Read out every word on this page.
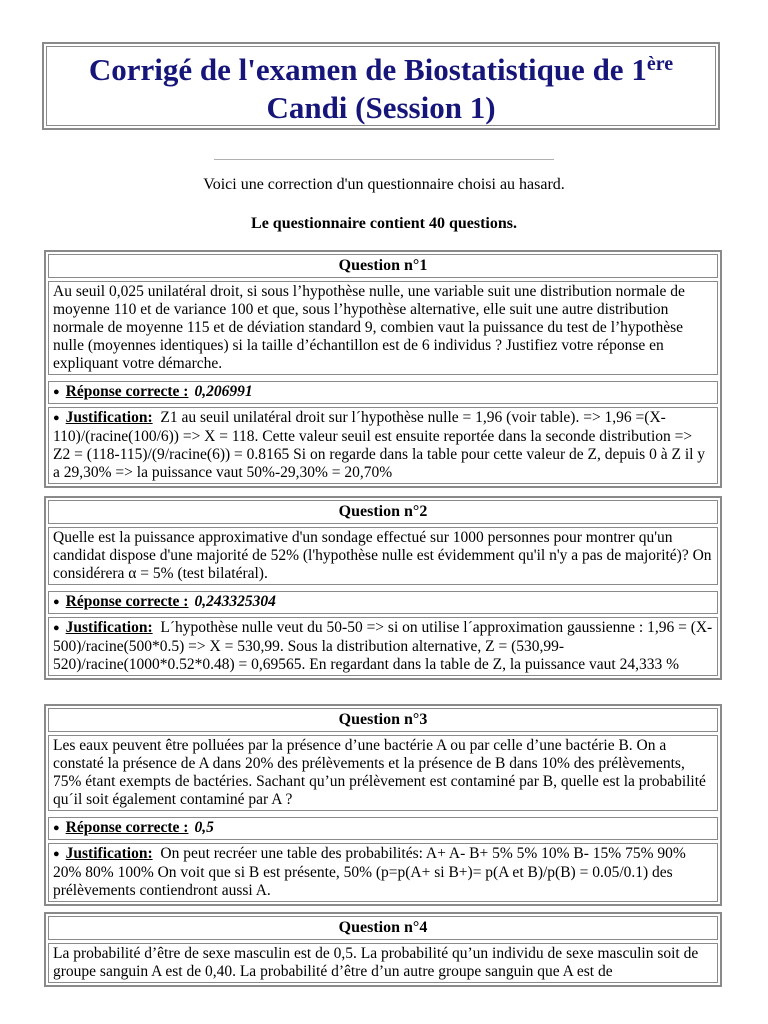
Corrigé de l'examen de Biostatistique de 1ère
Candi (Session 1)
Voici une correction d'un questionnaire choisi au hasard.
Le questionnaire contient 40 questions.
Question n°1
Au seuil 0,025 unilatéral droit, si sous l’hypothèse nulle, une variable suit une distribution normale de moyenne 110 et de variance 100 et que, sous l’hypothèse alternative, elle suit une autre distribution normale de moyenne 115 et de déviation standard 9, combien vaut la puissance du test de l’hypothèse nulle (moyennes identiques) si la taille d’échantillon est de 6 individus ? Justifiez votre réponse en expliquant votre démarche.
● Réponse correcte : 0,206991
● Justification: Z1 au seuil unilatéral droit sur l´hypothèse nulle = 1,96 (voir table). => 1,96 =(X-110)/(racine(100/6)) => X = 118. Cette valeur seuil est ensuite reportée dans la seconde distribution => Z2 = (118-115)/(9/racine(6)) = 0.8165 Si on regarde dans la table pour cette valeur de Z, depuis 0 à Z il y a 29,30% => la puissance vaut 50%-29,30% = 20,70%
Question n°2
Quelle est la puissance approximative d'un sondage effectué sur 1000 personnes pour montrer qu'un candidat dispose d'une majorité de 52% (l'hypothèse nulle est évidemment qu'il n'y a pas de majorité)? On considérera α = 5% (test bilatéral).
● Réponse correcte : 0,243325304
● Justification: L´hypothèse nulle veut du 50-50 => si on utilise l´approximation gaussienne : 1,96 = (X-500)/racine(500*0.5) => X = 530,99. Sous la distribution alternative, Z = (530,99-520)/racine(1000*0.52*0.48) = 0,69565. En regardant dans la table de Z, la puissance vaut 24,333 %
Question n°3
Les eaux peuvent être polluées par la présence d’une bactérie A ou par celle d’une bactérie B. On a constaté la présence de A dans 20% des prélèvements et la présence de B dans 10% des prélèvements, 75% étant exempts de bactéries. Sachant qu’un prélèvement est contaminé par B, quelle est la probabilité qu´il soit également contaminé par A ?
● Réponse correcte : 0,5
● Justification: On peut recréer une table des probabilités: A+ A- B+ 5% 5% 10% B- 15% 75% 90% 20% 80% 100% On voit que si B est présente, 50% (p=p(A+ si B+)= p(A et B)/p(B) = 0.05/0.1) des prélèvements contiendront aussi A.
Question n°4
La probabilité d’être de sexe masculin est de 0,5. La probabilité qu’un individu de sexe masculin soit de groupe sanguin A est de 0,40. La probabilité d’être d’un autre groupe sanguin que A est de
